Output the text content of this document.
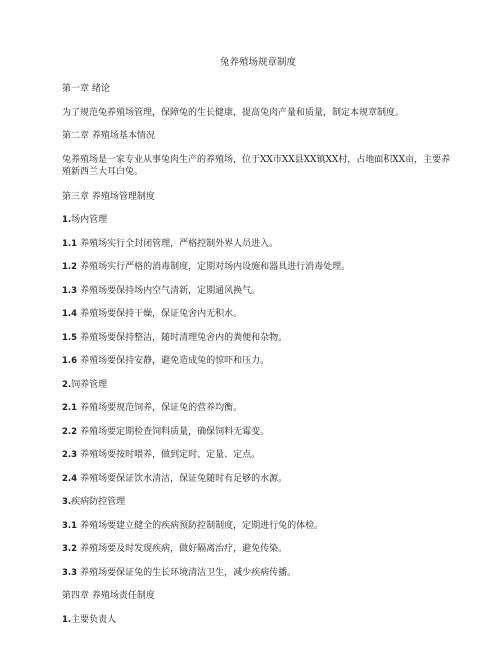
兔养殖场规章制度
第一章 绪论
为了规范兔养殖场管理，保障兔的生长健康，提高兔肉产量和质量，制定本规章制度。
第二章 养殖场基本情况
兔养殖场是一家专业从事兔肉生产的养殖场，位于XX市XX县XX镇XX村，占地面积XX亩，主要养殖新西兰大耳白兔。
第三章 养殖场管理制度
1.场内管理
1.1 养殖场实行全封闭管理，严格控制外界人员进入。
1.2 养殖场实行严格的消毒制度，定期对场内设施和器具进行消毒处理。
1.3 养殖场要保持场内空气清新，定期通风换气。
1.4 养殖场要保持干燥，保证兔舍内无积水。
1.5 养殖场要保持整洁，随时清理兔舍内的粪便和杂物。
1.6 养殖场要保持安静，避免造成兔的惊吓和压力。
2.饲养管理
2.1 养殖场要规范饲养，保证兔的营养均衡。
2.2 养殖场要定期检查饲料质量，确保饲料无霉变。
2.3 养殖场要按时喂养，做到定时、定量、定点。
2.4 养殖场要保证饮水清洁，保证兔随时有足够的水源。
3.疾病防控管理
3.1 养殖场要建立健全的疾病预防控制制度，定期进行兔的体检。
3.2 养殖场要及时发现疾病，做好隔离治疗，避免传染。
3.3 养殖场要保证兔的生长环境清洁卫生，减少疾病传播。
第四章 养殖场责任制度
1.主要负责人
